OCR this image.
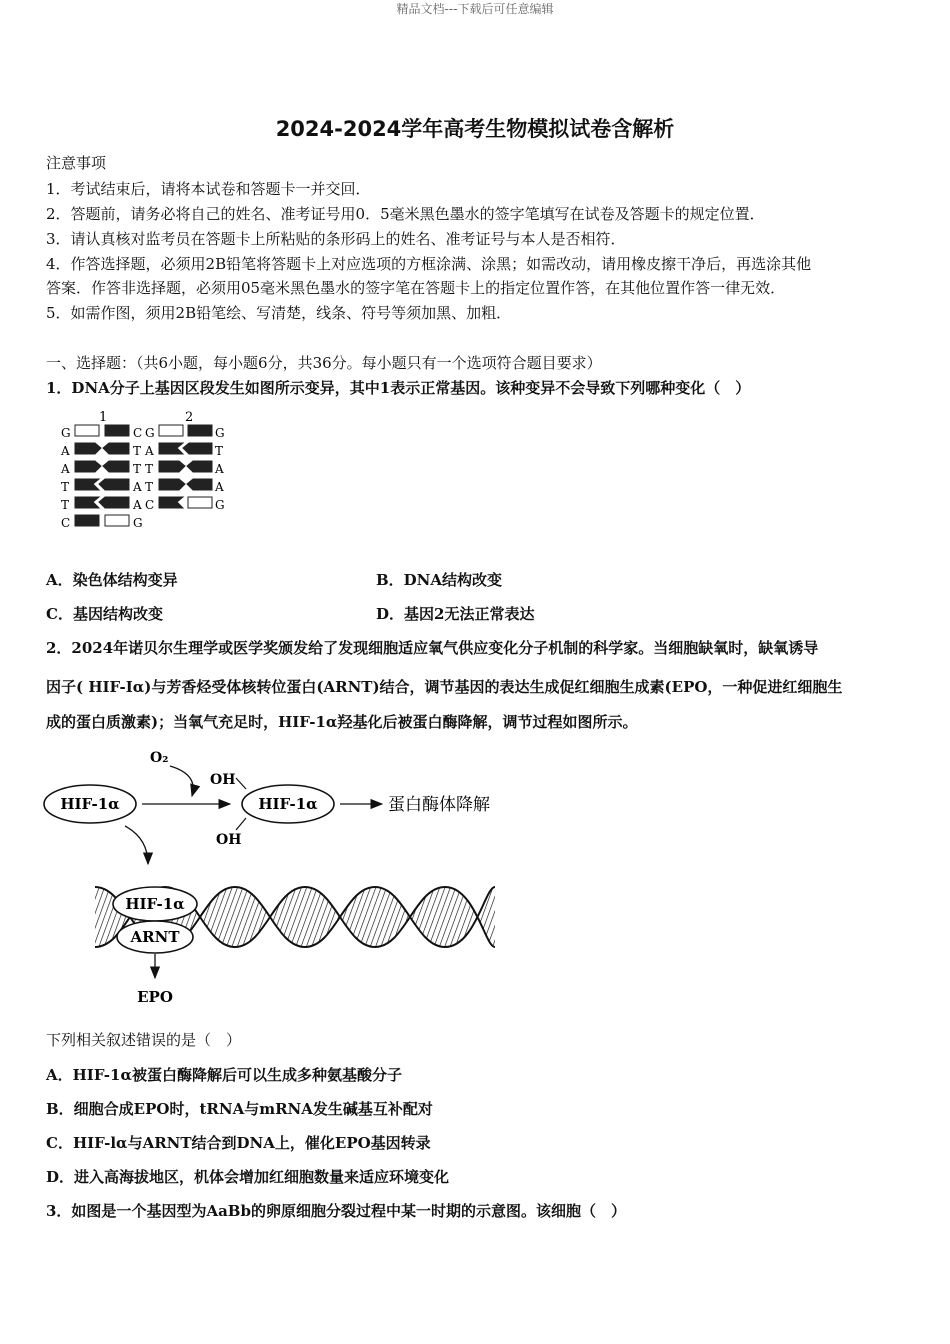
精品文档---下载后可任意编辑
2024-2024学年高考生物模拟试卷含解析
注意事项
1．考试结束后，请将本试卷和答题卡一并交回．
2．答题前，请务必将自己的姓名、准考证号用0．5毫米黑色墨水的签字笔填写在试卷及答题卡的规定位置．
3．请认真核对监考员在答题卡上所粘贴的条形码上的姓名、准考证号与本人是否相符．
4．作答选择题，必须用2B铅笔将答题卡上对应选项的方框涂满、涂黑；如需改动，请用橡皮擦干净后，再选涂其他
答案．作答非选择题，必须用05毫米黑色墨水的签字笔在答题卡上的指定位置作答，在其他位置作答一律无效．
5．如需作图，须用2B铅笔绘、写清楚，线条、符号等须加黑、加粗．
一、选择题：（共6小题，每小题6分，共36分。每小题只有一个选项符合题目要求）
1．DNA分子上基因区段发生如图所示变异，其中1表示正常基因。该种变异不会导致下列哪种变化（　）
1	2
G
A
A
T
T
C
C
T
T
A
A
G
G
A
T
T
C
G
T
A
A
G
A．染色体结构变异	B．DNA结构改变
C．基因结构改变	D．基因2无法正常表达
2．2024年诺贝尔生理学或医学奖颁发给了发现细胞适应氧气供应变化分子机制的科学家。当细胞缺氧时，缺氧诱导
因子( HIF-Iα)与芳香烃受体核转位蛋白(ARNT)结合，调节基因的表达生成促红细胞生成素(EPO，一种促进红细胞生
成的蛋白质激素)；当氧气充足时，HIF-1α羟基化后被蛋白酶降解，调节过程如图所示。
O₂
HIF-1α
OH
HIF-1α
OH
蛋白酶体降解
HIF-1α
ARNT
EPO
下列相关叙述错误的是（　）
A．HIF-1α被蛋白酶降解后可以生成多种氨基酸分子
B．细胞合成EPO时，tRNA与mRNA发生碱基互补配对
C．HIF-lα与ARNT结合到DNA上，催化EPO基因转录
D．进入高海拔地区，机体会增加红细胞数量来适应环境变化
3．如图是一个基因型为AaBb的卵原细胞分裂过程中某一时期的示意图。该细胞（　）
